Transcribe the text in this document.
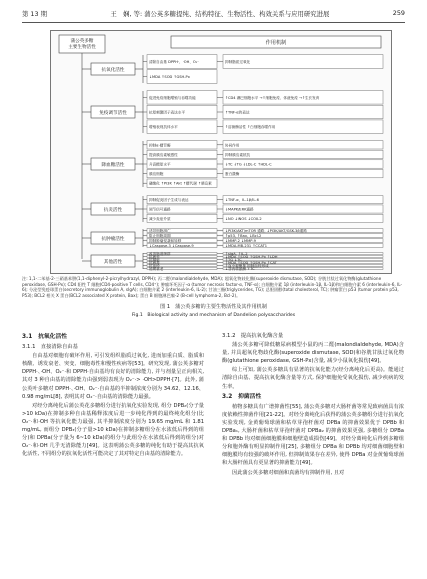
第 13 期	王　娴, 等: 蒲公英多糖提纯、结构特征、生物活性、构效关系与应用研究进展	259
蒲公英多糖
主要生物活性
作用机制
抗氧化活性
清除自由基 DPPH·、·OH、O₂⁻	抑制脂质过氧化
↓MDA ↑SOD ↑GSH-Px
免疫调节活性
促进免疫细胞增殖与吞噬功能	↑CD4 淋巴细胞水平 →↑细胞免疫、体液免疫 →↑生长发育
抗原刺激因子表达水平	↑TNF-α的表达
增殖表现抗体水平	↑溶菌酶活性 ↑白细胞吞噬作用
降血糖活性
抑制α-糖苷酶	协同作用
提高胰岛素敏感性	抑制胰岛素抵抗
升高糖原水平	↓TC ↓TG ↓LDL-C ↑HDL-C
胰岛细胞	蛋白激酶
磷酸化 ↑PI3K ↑Akt ↑糖代谢 ↑胰岛素
抗炎活性
抑制促炎因子生成与表达	↓TNF-α、IL-1β/IL-6
调节信号通路	↓MAPK/ERK通路
减少炎症介质	↓NO ↓iNOS ↓COX-2
抗肿瘤活性
诱导细胞凋亡	↓PI3K/AKT/mTOR 通路, ↓PI3K/AKT/GSK-3β通路
阻止细胞周期	↑p53, ↑Bax, ↓Bcl-2
抑制肿瘤侵袭和转移	↓MMP-2 ↓MMP-9
↓Caspase-3 ↓Caspase-9	↓MDA-MB-231 ↑CCAT1
其他活性
改善肠道菌群	↑sIgA, ↑IL-2
抗疲劳	↓MDA ↑SOD ↑GSH-Px ↑LDH
抗辐射	↑TG ↓TC
抗病毒	↑MDA ↑SOD ↑GSH-Px ↑CAT
抗血栓	↑血小板聚集 抑制血栓形成
延缓衰老	↓谷丙转氨酶 ↑TC

注: 1,1-二苯基-2-三硝基苯肼(1,1-diphenyl-2-picrylhydrazyl, DPPH); 丙二醛(malondialdehyde, MDA); 超氧化物歧化酶(superoxide dismutase, SOD); 谷胱甘肽过氧化物酶(glutathione peroxidase, GSH-Px); CD4 阳性 T 细胞(CD4-positive T cells, CD4⁺); 肿瘤坏死因子-α (tumor necrosis factor-α, TNF-α); 白细胞介素 1β (interleukin-1β, IL-1β)和白细胞介素 6 (interleukin-6, IL-6); 分泌型免疫球蛋白(secretory immunoglobulin A, sIgA); 白细胞介素 2 (interleukin-6, IL-2); 甘油三酯(triglycerides, TG); 总胆固醇(total cholesterol, TC); 肿瘤蛋白 p53 (tumor protein p53, P53); BCL2 相关 X 蛋白(BCL2 associated X protein, Bax); 蛋白 B 细胞淋巴瘤-2 (B-cell lymphoma-2, Bcl-2)。

图 1　蒲公英多糖的主要生物活性及其作用机制
Fig.1　Biological activity and mechanism of Dandelion polysaccharides
3.1　抗氧化活性
3.1.1　直接清除自由基

自由基对细胞有破坏作用, 可引发组织脂质过氧化, 进而加重白质、脂质和核酸、诱发衰老、突变、细胞毒性和慢性疾病等[53]。研究发现, 蒲公英多糖对 DPPH·、·OH、O₂⁻·和 DPPH·自由基均有良好的清除能力, 并与剂量呈正向相关, 其对 3 种自由基的清除能力由强到弱表现为 O₂⁻·> ·OH>DPPH·[7]。此外, 蒲公英叶多糖对 DPPH·、·OH、O₂⁻·自由基的半抑制浓度分别为 34.62、12.16、0.98 mg/mL[8], 表明其对 O₂⁻·自由基的清除能力最强。

对经分离纯化后蒲公英花多糖组分进行抗氧化实验发现, 组分 DPB₂(分子量>10 kDa)在抑制多种自由基稀释浓度后进一步纯化得到的最终纯化组分(比 O₂⁻·和·OH 等抗氧化能力最强, 其半抑制浓度分别为 19.65 mg/mL 和 1.81 mg/mL, 而组分 DPB₃(分子量>10 kDa)在抑制多糖组分在水浓低后得到的组分)和 DPBa(分子量为 6~10 kDa)的组分与此组分在水浓低后得到的组分)对 O₂⁻·和·OH 几乎无清除能力[49]。这表明蒲公英多糖的纯化有助于提高其抗氧化活性, 不同组分的抗氧化活性可能决定了其对特定自由基的清除能力。

3.1.2　提高抗氧化酶含量

蒲公英多糖可降低糖尿病模型小鼠的丙二醛(malondialdehyde, MDA)含量, 并具超氧化物歧化酶(superoxide dismutase, SOD)和谷胱甘肽过氧化物酶(glutathione peroxidase, GSH-Px)含量, 减少小鼠氧化损伤[49]。

综上可知, 蒲公英多糖具有显著的抗氧化能力(经分离纯化后更高)。能通过清除自由基、提高抗氧化酶含量等方式, 保护细胞免受氧化损伤, 减少疾病的发生率。

3.2　抑菌活性

植物多糖具有广谱抑菌性[55], 蒲公英多糖对大肠杆菌等常见致病菌具有浓度依赖性抑菌作用[21-22]。对经分离纯化后获得的蒲公英多糖组分进行抗氧化实验发现, 金黄葡萄球菌和枯草芽孢杆菌对 DPBa 的抑菌效果优于 DPBb 和 DPBa₁, 大肠杆菌和枯草芽孢杆菌对 DPBa₂ 的抑菌效果更强, 多糖组分 DPBa 和 DPBb 均对细菌细胞膜和细胞壁造成损伤[49]。对经分离纯化后得到多糖组分和胞外酶有明显抑制作用[25], 多糖组分 DPBa 和 DPBb 均对细菌细胞壁和细胞膜均有较强的破坏作用, 但抑制效果存在差异, 使得 DPBa 对金黄葡萄球菌和大肠杆菌具有更显著的抑菌能力[49]。

因此蒲公英多糖对细菌和真菌均有抑制作用, 且对
